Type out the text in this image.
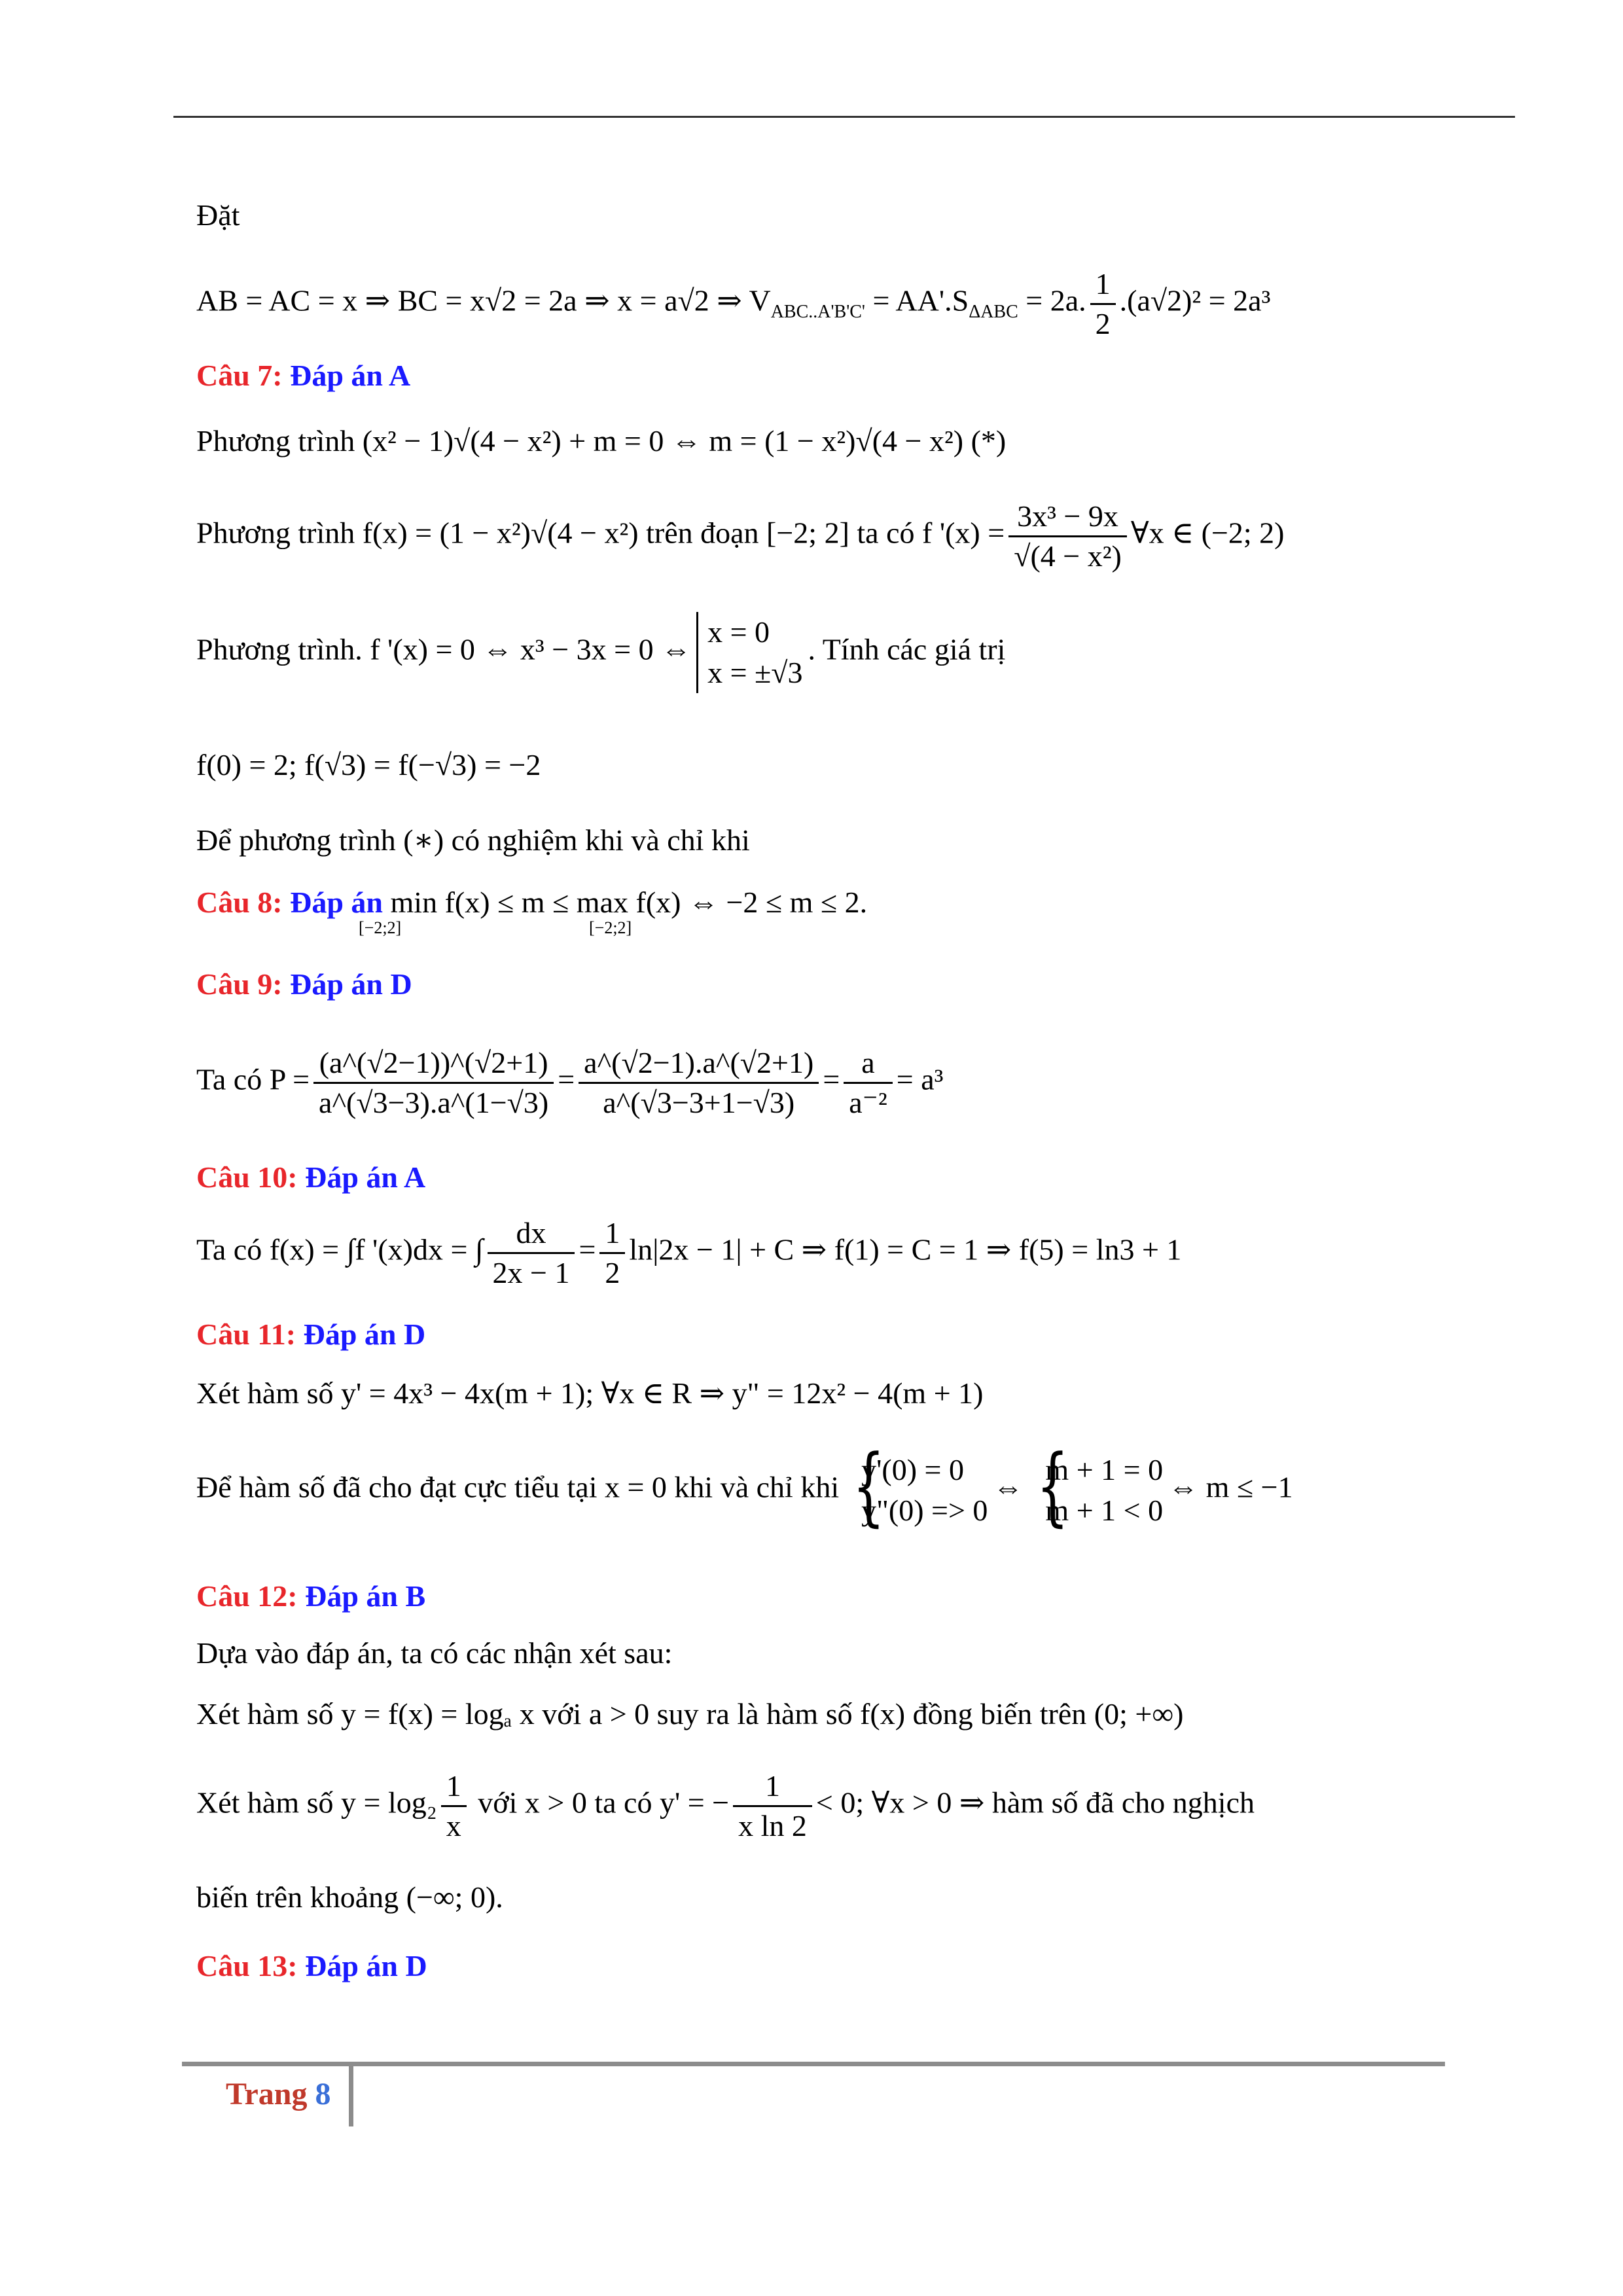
Đặt
AB = AC = x ⇒ BC = x√2 = 2a ⇒ x = a√2 ⇒ $V_{ABC..A'B'C'} = AA'.S_{\Delta ABC} = 2a$. $\frac{1}{2} .(a√2)^2 = 2a^3$
Câu 7: Đáp án A
Phương trình (x² − 1)√(4 − x²) + m = 0 ⇔ m = (1 − x²)√(4 − x²) (*)
Phương trình f(x) = (1 − x²)√(4 − x²) trên đoạn [−2; 2] ta có f '$(x) = \frac{\text{3x³ − 9x}}{\text{√(4 − x²)}}$ ∀x ∈ (−2; 2)
Phương trình. f '(x) = 0 ⇔ x³ − 3x = 0 ⇔
x = 0
x = ±√3
. Tính các giá trị
f(0) = 2; f(√3) = f(−√3) = −2
Để phương trình (∗) có nghiệm khi và chỉ khi
Câu 8: Đáp án min f(x) ≤ m ≤ max f(x) ⇔ −2 ≤ m ≤ 2.
[−2;2]	[−2;2]
Câu 9: Đáp án D
Ta có $P = \frac{(a\^{}(√2-1))\^{}(√2+1)}{a\^{}(√3-3).a\^{}(1-√3)} = \frac{a\^{}(√2-1).a\^{}(√2+1)}{a\^{}(√3-3+1-√3)} = \frac{a}{\text{a⁻²}} = a^3$
Câu 10: Đáp án A
Ta có f(x) = ∫f '(x)dx = ∫ $\frac{dx}{2x - 1} = \frac{1}{2} \ln|2x - 1| + C$ ⇒ f(1) = C = 1 ⇒ f(5) = ln3 + 1
Câu 11: Đáp án D
Xét hàm số y' = 4x³ − 4x(m + 1); ∀x ∈ R ⇒ y" = 12x² − 4(m + 1)
Để hàm số đã cho đạt cực tiểu tại x = 0 khi và chỉ khi
{ y'(0) = 0
y"(0) => 0
⇔
{ m + 1 = 0
m + 1 < 0
⇔ m ≤ −1
Câu 12: Đáp án B
Dựa vào đáp án, ta có các nhận xét sau:
Xét hàm số y = f(x) = logₐ x với a > 0 suy ra là hàm số f(x) đồng biến trên (0; +∞)
Xét hàm số $y = \log_2 \frac{1}{x}$ với x > 0 ta có y' = − $\frac{1}{\text{x ln 2}} < 0$; ∀x > 0 ⇒ hàm số đã cho nghịch
biến trên khoảng (−∞; 0).
Câu 13: Đáp án D
Trang 8
